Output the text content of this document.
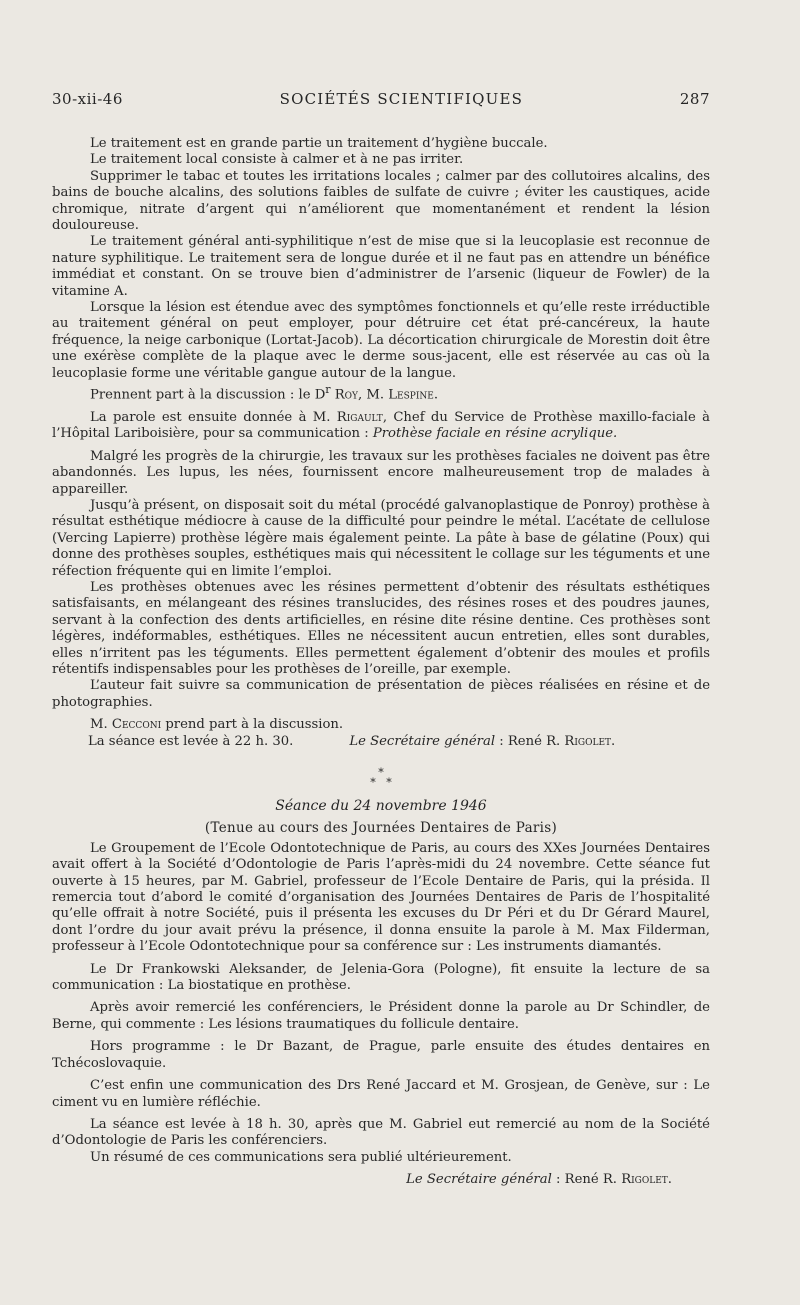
30-xii-46	SOCIÉTÉS SCIENTIFIQUES	287

Le traitement est en grande partie un traitement d’hygiène buccale.

Le traitement local consiste à calmer et à ne pas irriter.

Supprimer le tabac et toutes les irritations locales ; calmer par des collutoires alcalins, des bains de bouche alcalins, des solutions faibles de sulfate de cuivre ; éviter les caustiques, acide chromique, nitrate d’argent qui n’améliorent que momentanément et rendent la lésion douloureuse.

Le traitement général anti-syphilitique n’est de mise que si la leucoplasie est reconnue de nature syphilitique. Le traitement sera de longue durée et il ne faut pas en attendre un bénéfice immédiat et constant. On se trouve bien d’administrer de l’arsenic (liqueur de Fowler) de la vitamine A.

Lorsque la lésion est étendue avec des symptômes fonctionnels et qu’elle reste irréductible au traitement général on peut employer, pour détruire cet état pré-cancéreux, la haute fréquence, la neige carbonique (Lortat-Jacob). La décortication chirurgicale de Morestin doit être une exérèse complète de la plaque avec le derme sous-jacent, elle est réservée au cas où la leucoplasie forme une véritable gangue autour de la langue.

Prennent part à la discussion : le $D^r$ Roy, M. Lespine.

La parole est ensuite donnée à M. Rigault, Chef du Service de Prothèse maxillo-faciale à l’Hôpital Lariboisière, pour sa communication : Prothèse faciale en résine acrylique.

Malgré les progrès de la chirurgie, les travaux sur les prothèses faciales ne doivent pas être abandonnés. Les lupus, les nées, fournissent encore malheureusement trop de malades à appareiller.

Jusqu’à présent, on disposait soit du métal (procédé galvanoplastique de Ponroy) prothèse à résultat esthétique médiocre à cause de la difficulté pour peindre le métal. L’acétate de cellulose (Vercing Lapierre) prothèse légère mais également peinte. La pâte à base de gélatine (Poux) qui donne des prothèses souples, esthétiques mais qui nécessitent le collage sur les téguments et une réfection fréquente qui en limite l’emploi.

Les prothèses obtenues avec les résines permettent d’obtenir des résultats esthétiques satisfaisants, en mélangeant des résines translucides, des résines roses et des poudres jaunes, servant à la confection des dents artificielles, en résine dite résine dentine. Ces prothèses sont légères, indéformables, esthétiques. Elles ne nécessitent aucun entretien, elles sont durables, elles n’irritent pas les téguments. Elles permettent également d’obtenir des moules et profils rétentifs indispensables pour les prothèses de l’oreille, par exemple.

L’auteur fait suivre sa communication de présentation de pièces réalisées en résine et de photographies.

M. Cecconi prend part à la discussion.

La séance est levée à 22 h. 30.	Le Secrétaire général : René R. Rigolet.

*
* *
Séance du 24 novembre 1946
(Tenue au cours des Journées Dentaires de Paris)

Le Groupement de l’Ecole Odontotechnique de Paris, au cours des XXes Journées Dentaires avait offert à la Société d’Odontologie de Paris l’après-midi du 24 novembre. Cette séance fut ouverte à 15 heures, par M. Gabriel, professeur de l’Ecole Dentaire de Paris, qui la présida. Il remercia tout d’abord le comité d’organisation des Journées Dentaires de Paris de l’hospitalité qu’elle offrait à notre Société, puis il présenta les excuses du Dr Péri et du Dr Gérard Maurel, dont l’ordre du jour avait prévu la présence, il donna ensuite la parole à M. Max Filderman, professeur à l’Ecole Odontotechnique pour sa conférence sur : Les instruments diamantés.

Le Dr Frankowski Aleksander, de Jelenia-Gora (Pologne), fit ensuite la lecture de sa communication : La biostatique en prothèse.

Après avoir remercié les conférenciers, le Président donne la parole au Dr Schindler, de Berne, qui commente : Les lésions traumatiques du follicule dentaire.

Hors programme : le Dr Bazant, de Prague, parle ensuite des études dentaires en Tchécoslovaquie.

C’est enfin une communication des Drs René Jaccard et M. Grosjean, de Genève, sur : Le ciment vu en lumière réfléchie.

La séance est levée à 18 h. 30, après que M. Gabriel eut remercié au nom de la Société d’Odontologie de Paris les conférenciers.

Un résumé de ces communications sera publié ultérieurement.

Le Secrétaire général : René R. Rigolet.
